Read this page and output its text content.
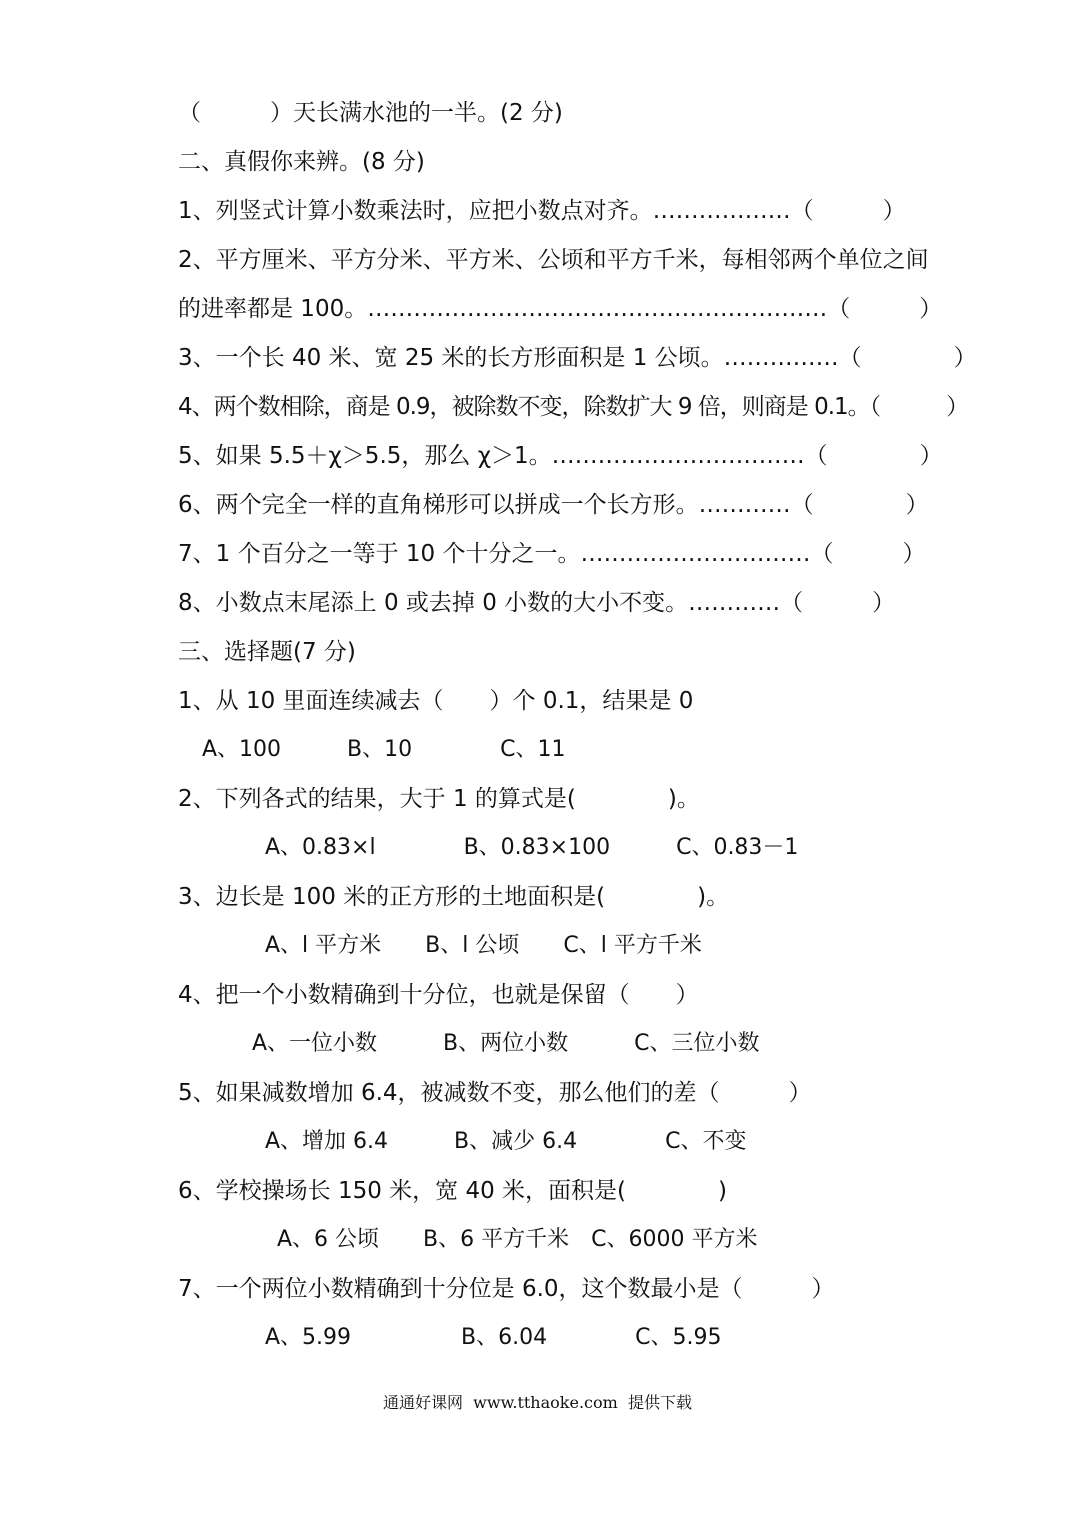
（　　　）天长满水池的一半。(2 分)
二、真假你来辨。(8 分)
1、列竖式计算小数乘法时，应把小数点对齐。………………（　　　）
2、平方厘米、平方分米、平方米、公顷和平方千米，每相邻两个单位之间
的进率都是 100。……………………………………………………（　　　）
3、一个长 40 米、宽 25 米的长方形面积是 1 公顷。……………（　　　　）
4、两个数相除，商是 0.9，被除数不变，除数扩大 9 倍，则商是 0.1。（　　　）
5、如果 5.5＋χ＞5.5，那么 χ＞1。……………………………（　　　　）
6、两个完全一样的直角梯形可以拼成一个长方形。…………（　　　　）
7、1 个百分之一等于 10 个十分之一。…………………………（　　　）
8、小数点末尾添上 0 或去掉 0 小数的大小不变。…………（　　　）
三、选择题(7 分)
1、从 10 里面连续减去（　　）个 0.1，结果是 0
A、100　　　B、10　　　　C、11
2、下列各式的结果，大于 1 的算式是(　　　　)。
A、0.83×l　　　　B、0.83×100　　　C、0.83－1
3、边长是 100 米的正方形的土地面积是(　　　　)。
A、l 平方米　　B、l 公顷　　C、l 平方千米
4、把一个小数精确到十分位，也就是保留（　　）
A、一位小数　　　B、两位小数　　　C、三位小数
5、如果减数增加 6.4，被减数不变，那么他们的差（　　　）
A、增加 6.4　　　B、减少 6.4　　　　C、不变
6、学校操场长 150 米，宽 40 米，面积是(　　　　)
A、6 公顷　　B、6 平方千米　C、6000 平方米
7、一个两位小数精确到十分位是 6.0，这个数最小是（　　　）
A、5.99　　　　　B、6.04　　　　C、5.95
通通好课网  www.tthaoke.com  提供下载
